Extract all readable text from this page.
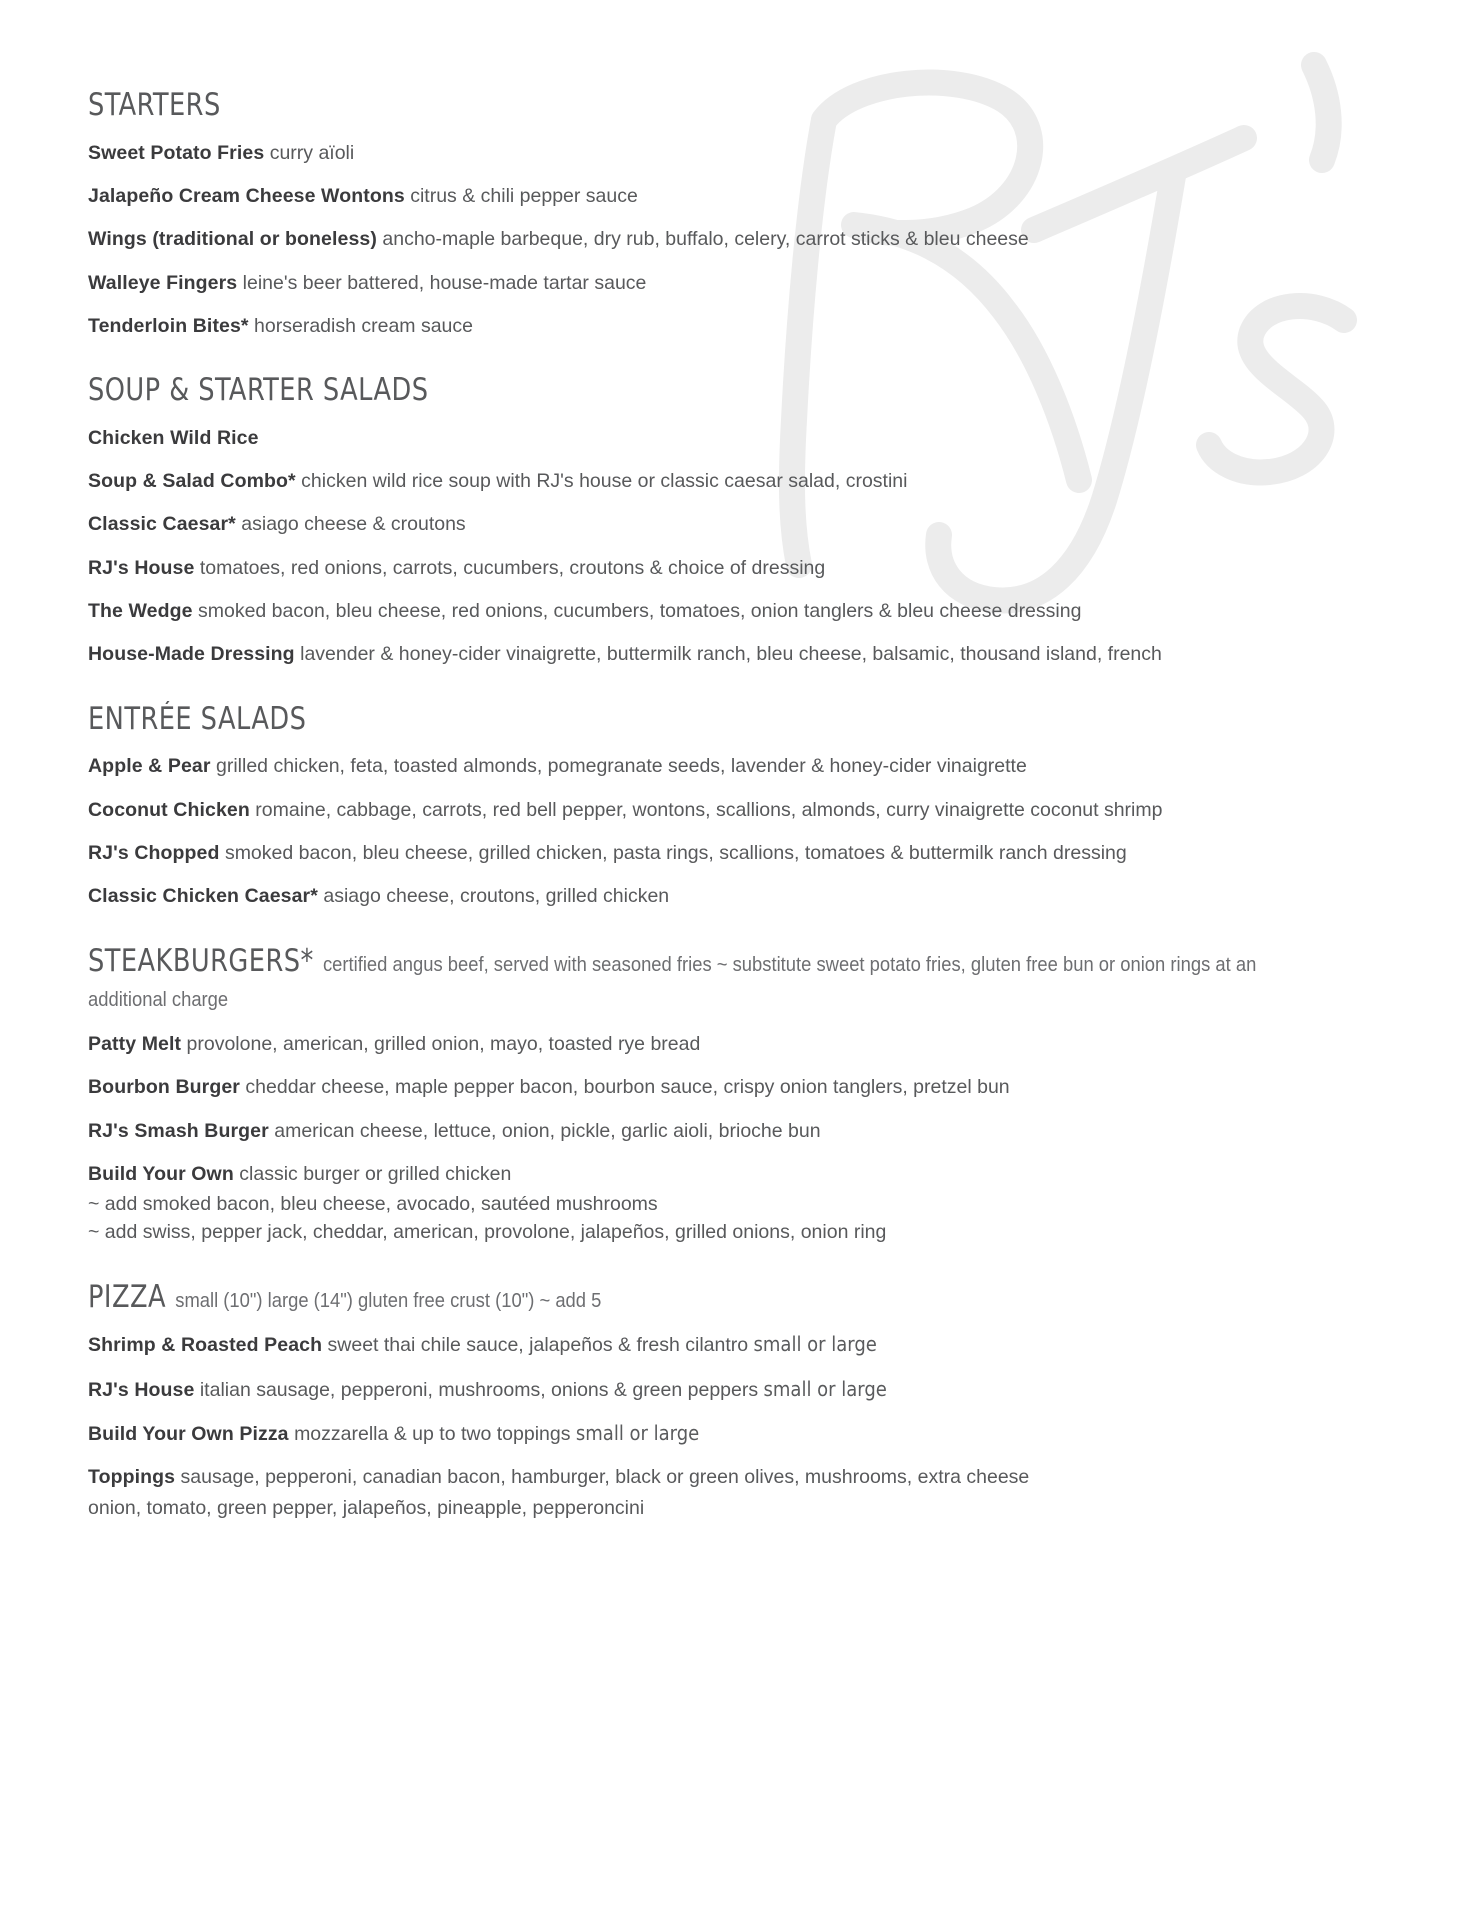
STARTERS

Sweet Potato Fries curry aïoli

Jalapeño Cream Cheese Wontons citrus & chili pepper sauce

Wings (traditional or boneless) ancho-maple barbeque, dry rub, buffalo, celery, carrot sticks & bleu cheese

Walleye Fingers leine's beer battered, house-made tartar sauce

Tenderloin Bites* horseradish cream sauce

SOUP & STARTER SALADS

Chicken Wild Rice

Soup & Salad Combo* chicken wild rice soup with RJ's house or classic caesar salad, crostini

Classic Caesar* asiago cheese & croutons

RJ's House tomatoes, red onions, carrots, cucumbers, croutons & choice of dressing

The Wedge smoked bacon, bleu cheese, red onions, cucumbers, tomatoes, onion tanglers & bleu cheese dressing

House-Made Dressing lavender & honey-cider vinaigrette, buttermilk ranch, bleu cheese, balsamic, thousand island, french

ENTRÉE SALADS

Apple & Pear grilled chicken, feta, toasted almonds, pomegranate seeds, lavender & honey-cider vinaigrette

Coconut Chicken romaine, cabbage, carrots, red bell pepper, wontons, scallions, almonds, curry vinaigrette coconut shrimp

RJ's Chopped smoked bacon, bleu cheese, grilled chicken, pasta rings, scallions, tomatoes & buttermilk ranch dressing

Classic Chicken Caesar* asiago cheese, croutons, grilled chicken

STEAKBURGERS* certified angus beef, served with seasoned fries ~ substitute sweet potato fries, gluten free bun or onion rings at an additional charge

Patty Melt provolone, american, grilled onion, mayo, toasted rye bread

Bourbon Burger cheddar cheese, maple pepper bacon, bourbon sauce, crispy onion tanglers, pretzel bun

RJ's Smash Burger american cheese, lettuce, onion, pickle, garlic aioli, brioche bun

Build Your Own classic burger or grilled chicken

~ add smoked bacon, bleu cheese, avocado, sautéed mushrooms

~ add swiss, pepper jack, cheddar, american, provolone, jalapeños, grilled onions, onion ring

PIZZA small (10") large (14") gluten free crust (10") ~ add 5

Shrimp & Roasted Peach sweet thai chile sauce, jalapeños & fresh cilantro small or large

RJ's House italian sausage, pepperoni, mushrooms, onions & green peppers small or large

Build Your Own Pizza mozzarella & up to two toppings small or large

Toppings sausage, pepperoni, canadian bacon, hamburger, black or green olives, mushrooms, extra cheese

onion, tomato, green pepper, jalapeños, pineapple, pepperoncini
